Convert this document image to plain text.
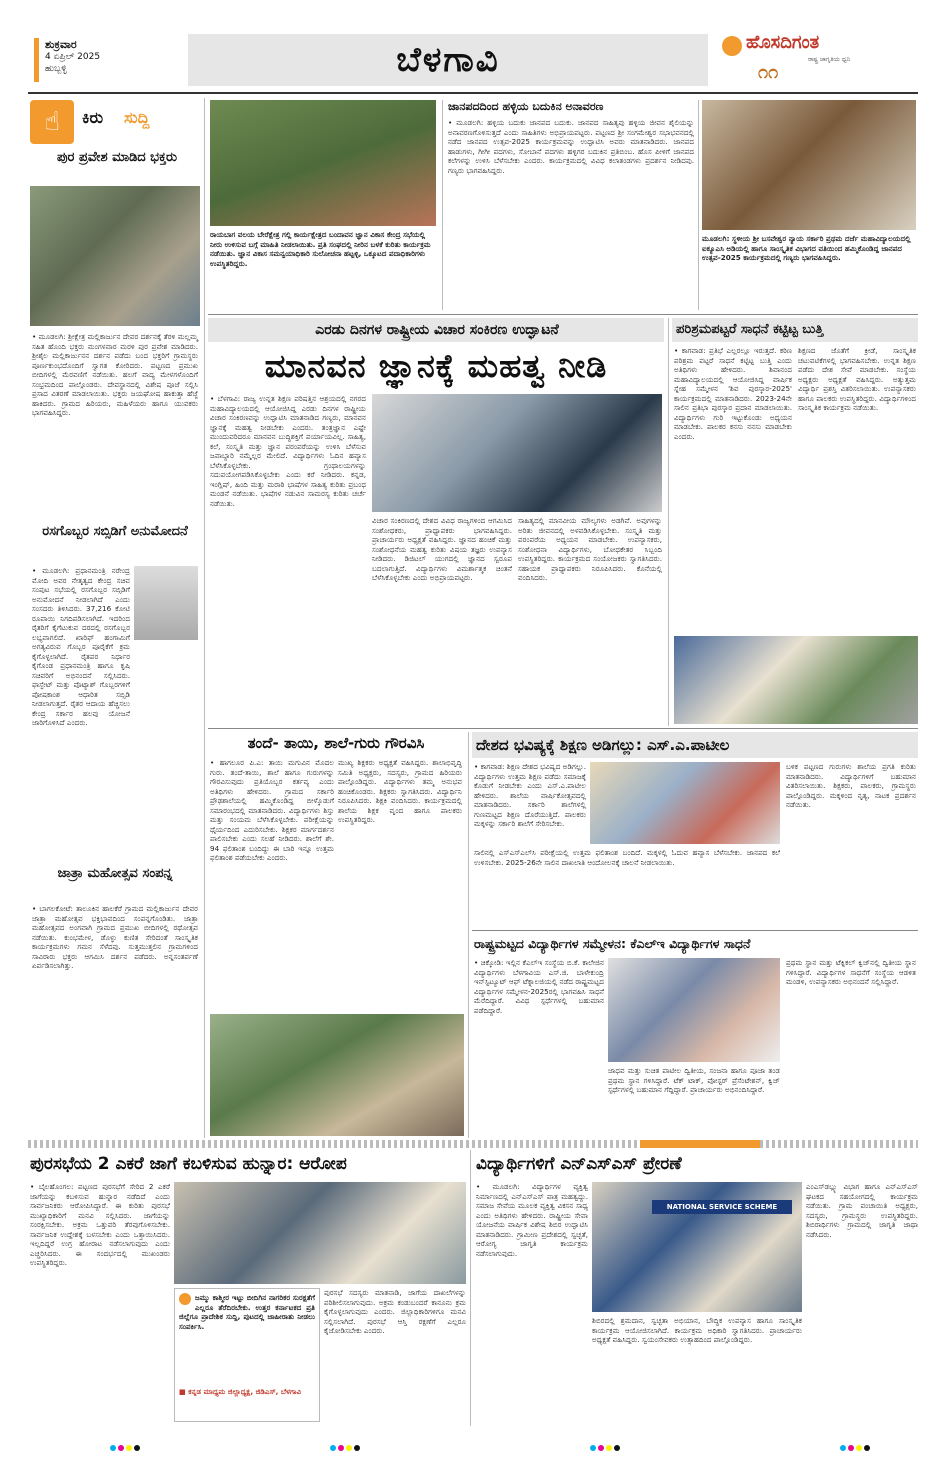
ಶುಕ್ರವಾರ
4 ಏಪ್ರಿಲ್ 2025
ಹುಬ್ಬಳ್ಳಿ	ಬೆಳಗಾವಿ	ಹೊಸದಿಗಂತ
ರಾಷ್ಟ್ರ ಜಾಗೃತಿಯ ಧ್ವನಿ
೧೧
☝	ಕಿರು ಸುದ್ದಿ
ಪುರ ಪ್ರವೇಶ ಮಾಡಿದ ಭಕ್ತರು
• ಮೂಡಲಗಿ: ಶ್ರೀಕ್ಷೇತ್ರ ಮಲ್ಲಿಕಾರ್ಜುನ ದೇವರ ದರ್ಶನಕ್ಕೆ ತೆರಳಿ ಮಲ್ಲಮ್ಮ ಸಹಿತ ಹೊಂದಿ ಭಕ್ತರು ಮಂಗಳವಾರ ಮರಳಿ ಪುರ ಪ್ರವೇಶ ಮಾಡಿದರು. ಶ್ರೀಶೈಲ ಮಲ್ಲಿಕಾರ್ಜುನನ ದರ್ಶನ ಪಡೆದು ಬಂದ ಭಕ್ತರಿಗೆ ಗ್ರಾಮಸ್ಥರು ಪೂರ್ಣಕುಂಭದೊಂದಿಗೆ ಸ್ವಾಗತ ಕೋರಿದರು. ಪಟ್ಟಣದ ಪ್ರಮುಖ ಬೀದಿಗಳಲ್ಲಿ ಮೆರವಣಿಗೆ ನಡೆಯಿತು. ಹಲಗೆ ವಾದ್ಯ ಮೇಳಗಳೊಂದಿಗೆ ಸಂಭ್ರಮದಿಂದ ಪಾಲ್ಗೊಂಡರು. ದೇವಸ್ಥಾನದಲ್ಲಿ ವಿಶೇಷ ಪೂಜೆ ಸಲ್ಲಿಸಿ ಪ್ರಸಾದ ವಿತರಣೆ ಮಾಡಲಾಯಿತು. ಭಕ್ತರು ಜಯಘೋಷ ಹಾಕುತ್ತಾ ಹೆಜ್ಜೆ ಹಾಕಿದರು. ಗ್ರಾಮದ ಹಿರಿಯರು, ಮಹಿಳೆಯರು ಹಾಗೂ ಯುವಕರು ಭಾಗವಹಿಸಿದ್ದರು.
ರಸಗೊಬ್ಬರ ಸಬ್ಸಿಡಿಗೆ ಅನುಮೋದನೆ
• ಮೂಡಲಗಿ: ಪ್ರಧಾನಮಂತ್ರಿ ನರೇಂದ್ರ ಮೋದಿ ಅವರ ನೇತೃತ್ವದ ಕೇಂದ್ರ ಸಚಿವ ಸಂಪುಟ ಸಭೆಯಲ್ಲಿ ರಸಗೊಬ್ಬರ ಸಬ್ಸಿಡಿಗೆ ಅನುಮೋದನೆ ನೀಡಲಾಗಿದೆ ಎಂದು ಸಂಸದರು ತಿಳಿಸಿದರು. 37,216 ಕೋಟಿ ರೂಪಾಯಿ ನಿಗದಿಪಡಿಸಲಾಗಿದೆ. ಇದರಿಂದ ರೈತರಿಗೆ ಕೈಗೆಟುಕುವ ದರದಲ್ಲಿ ರಸಗೊಬ್ಬರ ಲಭ್ಯವಾಗಲಿದೆ. ಖಾರಿಫ್ ಹಂಗಾಮಿಗೆ ಅಗತ್ಯವಿರುವ ಗೊಬ್ಬರ ಪೂರೈಕೆಗೆ ಕ್ರಮ ಕೈಗೊಳ್ಳಲಾಗಿದೆ. ರೈತಪರ ನಿರ್ಧಾರ ಕೈಗೊಂಡ ಪ್ರಧಾನಮಂತ್ರಿ ಹಾಗೂ ಕೃಷಿ ಸಚಿವರಿಗೆ ಅಭಿನಂದನೆ ಸಲ್ಲಿಸಿದರು. ಫಾಸ್ಫೇಟ್ ಮತ್ತು ಪೊಟ್ಯಾಶ್ ಗೊಬ್ಬರಗಳಿಗೆ ಪೋಷಕಾಂಶ ಆಧಾರಿತ ಸಬ್ಸಿಡಿ ನೀಡಲಾಗುತ್ತದೆ. ರೈತರ ಆದಾಯ ಹೆಚ್ಚಿಸಲು ಕೇಂದ್ರ ಸರ್ಕಾರ ಹಲವು ಯೋಜನೆ ಜಾರಿಗೊಳಿಸಿದೆ ಎಂದರು.
ಜಾತ್ರಾ ಮಹೋತ್ಸವ ಸಂಪನ್ನ
• ಬಾಗಲಕೋಟೆ: ತಾಲೂಕಿನ ಹಾಲಕೆರೆ ಗ್ರಾಮದ ಮಲ್ಲಿಕಾರ್ಜುನ ದೇವರ ಜಾತ್ರಾ ಮಹೋತ್ಸವ ಭಕ್ತಿಭಾವದಿಂದ ಸಂಪನ್ನಗೊಂಡಿತು. ಜಾತ್ರಾ ಮಹೋತ್ಸವದ ಅಂಗವಾಗಿ ಗ್ರಾಮದ ಪ್ರಮುಖ ಬೀದಿಗಳಲ್ಲಿ ರಥೋತ್ಸವ ನಡೆಯಿತು. ಕುಂಭಮೇಳ, ಡೊಳ್ಳು ಕುಣಿತ ಸೇರಿದಂತೆ ಸಾಂಸ್ಕೃತಿಕ ಕಾರ್ಯಕ್ರಮಗಳು ಗಮನ ಸೆಳೆದವು. ಸುತ್ತಮುತ್ತಲಿನ ಗ್ರಾಮಗಳಿಂದ ಸಾವಿರಾರು ಭಕ್ತರು ಆಗಮಿಸಿ ದರ್ಶನ ಪಡೆದರು. ಅನ್ನಸಂತರ್ಪಣೆ ಏರ್ಪಡಿಸಲಾಗಿತ್ತು.
ರಾಯಬಾಗ ವಲಯ ಬೇರೆಕ್ಷೇತ್ರ ಗಲ್ಲಿ ಕಾರ್ಯಕ್ಷೇತ್ರದ ಬಂದಾವನ ಜ್ಞಾನ ವಿಕಾಸ ಕೇಂದ್ರ ಸಭೆಯಲ್ಲಿ ನೀರು ಉಳಿಸುವ ಬಗ್ಗೆ ಮಾಹಿತಿ ನೀಡಲಾಯಿತು. ಪ್ರತಿ ಸಂಘದಲ್ಲಿ ನೀರಿನ ಬಳಕೆ ಕುರಿತು ಕಾರ್ಯಕ್ರಮ ನಡೆಯಿತು. ಜ್ಞಾನ ವಿಕಾಸ ಸಮನ್ವಯಾಧಿಕಾರಿ ಸುಲೋಚನಾ ಹಟ್ಟಳ್ಳಿ, ಒಕ್ಕೂಟದ ಪದಾಧಿಕಾರಿಗಳು ಉಪಸ್ಥಿತರಿದ್ದರು.
ಜಾನಪದದಿಂದ ಹಳ್ಳಿಯ ಬದುಕಿನ ಅನಾವರಣ
• ಮೂಡಲಗಿ: ಹಳ್ಳಿಯ ಬದುಕು ಜಾನಪದ ಬದುಕು. ಜಾನಪದ ಸಾಹಿತ್ಯವು ಹಳ್ಳಿಯ ಜೀವನ ಶೈಲಿಯನ್ನು ಅನಾವರಣಗೊಳಿಸುತ್ತದೆ ಎಂದು ಸಾಹಿತಿಗಳು ಅಭಿಪ್ರಾಯಪಟ್ಟರು. ಪಟ್ಟಣದ ಶ್ರೀ ಸಂಗಮೇಶ್ವರ ಸಭಾಭವನದಲ್ಲಿ ನಡೆದ ಜಾನಪದ ಉತ್ಸವ-2025 ಕಾರ್ಯಕ್ರಮವನ್ನು ಉದ್ಘಾಟಿಸಿ ಅವರು ಮಾತನಾಡಿದರು. ಜಾನಪದ ಹಾಡುಗಳು, ಗೀಗೀ ಪದಗಳು, ಸೋಬಾನೆ ಪದಗಳು ಹಳ್ಳಿಗರ ಬದುಕಿನ ಪ್ರತಿಬಿಂಬ. ಹೊಸ ಪೀಳಿಗೆ ಜಾನಪದ ಕಲೆಗಳನ್ನು ಉಳಿಸಿ ಬೆಳೆಸಬೇಕು ಎಂದರು. ಕಾರ್ಯಕ್ರಮದಲ್ಲಿ ವಿವಿಧ ಕಲಾತಂಡಗಳು ಪ್ರದರ್ಶನ ನೀಡಿದವು. ಗಣ್ಯರು ಭಾಗವಹಿಸಿದ್ದರು.
ಮೂಡಲಗಿ: ಸ್ಥಳೀಯ ಶ್ರೀ ಬಸವೇಶ್ವರ ನ್ಯಾಯ ಸರ್ಕಾರಿ ಪ್ರಥಮ ದರ್ಜೆ ಮಹಾವಿದ್ಯಾಲಯದಲ್ಲಿ ಐಕ್ಯೂಎಸಿ ಅಡಿಯಲ್ಲಿ ಹಾಗೂ ಸಾಂಸ್ಕೃತಿಕ ವಿಭಾಗದ ವತಿಯಿಂದ ಹಮ್ಮಿಕೊಂಡಿದ್ದ ಜಾನಪದ ಉತ್ಸವ-2025 ಕಾರ್ಯಕ್ರಮದಲ್ಲಿ ಗಣ್ಯರು ಭಾಗವಹಿಸಿದ್ದರು.
ಎರಡು ದಿನಗಳ ರಾಷ್ಟ್ರೀಯ ವಿಚಾರ ಸಂಕಿರಣ ಉದ್ಘಾಟನೆ
ಮಾನವನ ಜ್ಞಾನಕ್ಕೆ ಮಹತ್ವ ನೀಡಿ
• ಬೆಳಗಾವಿ: ರಾಜ್ಯ ಉನ್ನತ ಶಿಕ್ಷಣ ಪರಿಷತ್ತಿನ ಆಶ್ರಯದಲ್ಲಿ ನಗರದ ಮಹಾವಿದ್ಯಾಲಯದಲ್ಲಿ ಆಯೋಜಿಸಿದ್ದ ಎರಡು ದಿನಗಳ ರಾಷ್ಟ್ರೀಯ ವಿಚಾರ ಸಂಕಿರಣವನ್ನು ಉದ್ಘಾಟಿಸಿ ಮಾತನಾಡಿದ ಗಣ್ಯರು, ಮಾನವನ ಜ್ಞಾನಕ್ಕೆ ಮಹತ್ವ ನೀಡಬೇಕು ಎಂದರು. ತಂತ್ರಜ್ಞಾನ ಎಷ್ಟೇ ಮುಂದುವರಿದರೂ ಮಾನವನ ಬುದ್ಧಿಶಕ್ತಿಗೆ ಪರ್ಯಾಯವಿಲ್ಲ. ಸಾಹಿತ್ಯ, ಕಲೆ, ಸಂಸ್ಕೃತಿ ಮತ್ತು ಜ್ಞಾನ ಪರಂಪರೆಯನ್ನು ಉಳಿಸಿ ಬೆಳೆಸುವ ಜವಾಬ್ದಾರಿ ನಮ್ಮೆಲ್ಲರ ಮೇಲಿದೆ. ವಿದ್ಯಾರ್ಥಿಗಳು ಓದಿನ ಹವ್ಯಾಸ ಬೆಳೆಸಿಕೊಳ್ಳಬೇಕು. ಗ್ರಂಥಾಲಯಗಳನ್ನು ಸದುಪಯೋಗಪಡಿಸಿಕೊಳ್ಳಬೇಕು ಎಂದು ಕರೆ ನೀಡಿದರು. ಕನ್ನಡ, ಇಂಗ್ಲಿಷ್, ಹಿಂದಿ ಮತ್ತು ಮರಾಠಿ ಭಾಷೆಗಳ ಸಾಹಿತ್ಯ ಕುರಿತು ಪ್ರಬಂಧ ಮಂಡನೆ ನಡೆಯಿತು. ಭಾಷೆಗಳ ನಡುವಿನ ಸಾಮರಸ್ಯ ಕುರಿತು ಚರ್ಚೆ ನಡೆಯಿತು.
ವಿಚಾರ ಸಂಕಿರಣದಲ್ಲಿ ದೇಶದ ವಿವಿಧ ರಾಜ್ಯಗಳಿಂದ ಆಗಮಿಸಿದ ಸಂಶೋಧಕರು, ಪ್ರಾಧ್ಯಾಪಕರು ಭಾಗವಹಿಸಿದ್ದರು. ಪ್ರಾಚಾರ್ಯರು ಅಧ್ಯಕ್ಷತೆ ವಹಿಸಿದ್ದರು. ಜ್ಞಾನದ ಹಂಚಿಕೆ ಮತ್ತು ಸಂಶೋಧನೆಯ ಮಹತ್ವ ಕುರಿತು ವಿಷಯ ತಜ್ಞರು ಉಪನ್ಯಾಸ ನೀಡಿದರು. ಡಿಜಿಟಲ್ ಯುಗದಲ್ಲಿ ಜ್ಞಾನದ ಸ್ವರೂಪ ಬದಲಾಗುತ್ತಿದೆ. ವಿದ್ಯಾರ್ಥಿಗಳು ವಿಮರ್ಶಾತ್ಮಕ ಚಿಂತನೆ ಬೆಳೆಸಿಕೊಳ್ಳಬೇಕು ಎಂದು ಅಭಿಪ್ರಾಯಪಟ್ಟರು.
ಸಾಹಿತ್ಯದಲ್ಲಿ ಮಾನವೀಯ ಮೌಲ್ಯಗಳು ಅಡಗಿವೆ. ಅವುಗಳನ್ನು ಅರಿತು ಜೀವನದಲ್ಲಿ ಅಳವಡಿಸಿಕೊಳ್ಳಬೇಕು. ಸಂಸ್ಕೃತಿ ಮತ್ತು ಪರಂಪರೆಯ ಅಧ್ಯಯನ ಮಾಡಬೇಕು. ಉಪನ್ಯಾಸಕರು, ಸಂಶೋಧನಾ ವಿದ್ಯಾರ್ಥಿಗಳು, ಬೋಧಕೇತರ ಸಿಬ್ಬಂದಿ ಉಪಸ್ಥಿತರಿದ್ದರು. ಕಾರ್ಯಕ್ರಮದ ಸಂಯೋಜಕರು ಸ್ವಾಗತಿಸಿದರು. ಸಹಾಯಕ ಪ್ರಾಧ್ಯಾಪಕರು ನಿರೂಪಿಸಿದರು. ಕೊನೆಯಲ್ಲಿ ವಂದಿಸಿದರು.
ಪರಿಶ್ರಮಪಟ್ಟರೆ ಸಾಧನೆ ಕಟ್ಟಿಟ್ಟ ಬುತ್ತಿ
• ಕಾಗವಾಡ: ಪ್ರತಿಭೆ ಎಲ್ಲರಲ್ಲೂ ಇರುತ್ತದೆ. ಕಠಿಣ ಪರಿಶ್ರಮ ಪಟ್ಟರೆ ಸಾಧನೆ ಕಟ್ಟಿಟ್ಟ ಬುತ್ತಿ ಎಂದು ಅತಿಥಿಗಳು ಹೇಳಿದರು. ಶಿವಾನಂದ ಮಹಾವಿದ್ಯಾಲಯದಲ್ಲಿ ಆಯೋಜಿಸಿದ್ದ ವಾರ್ಷಿಕ ಸ್ನೇಹ ಸಮ್ಮೇಳನ 'ಶಿವ ಪುರಸ್ಕಾರ-2025' ಕಾರ್ಯಕ್ರಮದಲ್ಲಿ ಮಾತನಾಡಿದರು. 2023-24ನೇ ಸಾಲಿನ ಪ್ರತಿಭಾ ಪುರಸ್ಕಾರ ಪ್ರದಾನ ಮಾಡಲಾಯಿತು. ವಿದ್ಯಾರ್ಥಿಗಳು ಗುರಿ ಇಟ್ಟುಕೊಂಡು ಅಧ್ಯಯನ ಮಾಡಬೇಕು. ಪಾಲಕರ ಕನಸು ನನಸು ಮಾಡಬೇಕು ಎಂದರು.
ಶಿಕ್ಷಣದ ಜೊತೆಗೆ ಕ್ರೀಡೆ, ಸಾಂಸ್ಕೃತಿಕ ಚಟುವಟಿಕೆಗಳಲ್ಲಿ ಭಾಗವಹಿಸಬೇಕು. ಉನ್ನತ ಶಿಕ್ಷಣ ಪಡೆದು ದೇಶ ಸೇವೆ ಮಾಡಬೇಕು. ಸಂಸ್ಥೆಯ ಅಧ್ಯಕ್ಷರು ಅಧ್ಯಕ್ಷತೆ ವಹಿಸಿದ್ದರು. ಅತ್ಯುತ್ತಮ ವಿದ್ಯಾರ್ಥಿ ಪ್ರಶಸ್ತಿ ವಿತರಿಸಲಾಯಿತು. ಉಪನ್ಯಾಸಕರು ಹಾಗೂ ಪಾಲಕರು ಉಪಸ್ಥಿತರಿದ್ದರು. ವಿದ್ಯಾರ್ಥಿಗಳಿಂದ ಸಾಂಸ್ಕೃತಿಕ ಕಾರ್ಯಕ್ರಮ ನಡೆಯಿತು.
ತಂದೆ- ತಾಯಿ, ಶಾಲೆ-ಗುರು ಗೌರವಿಸಿ
• ಹಾಗಲೂರ ಪಿ.ಎ: ತಾಯಿ ಮಗುವಿನ ಮೊದಲ ಗುರು. ತಂದೆ-ತಾಯಿ, ಶಾಲೆ ಹಾಗೂ ಗುರುಗಳನ್ನು ಗೌರವಿಸುವುದು ಪ್ರತಿಯೊಬ್ಬರ ಕರ್ತವ್ಯ ಎಂದು ಅತಿಥಿಗಳು ಹೇಳಿದರು. ಗ್ರಾಮದ ಸರ್ಕಾರಿ ಪ್ರೌಢಶಾಲೆಯಲ್ಲಿ ಹಮ್ಮಿಕೊಂಡಿದ್ದ ಬೀಳ್ಕೊಡುಗೆ ಸಮಾರಂಭದಲ್ಲಿ ಮಾತನಾಡಿದರು. ವಿದ್ಯಾರ್ಥಿಗಳು ಶಿಸ್ತು ಮತ್ತು ಸಂಯಮ ಬೆಳೆಸಿಕೊಳ್ಳಬೇಕು. ಪರೀಕ್ಷೆಯನ್ನು ಧೈರ್ಯದಿಂದ ಎದುರಿಸಬೇಕು. ಶಿಕ್ಷಕರ ಮಾರ್ಗದರ್ಶನ ಪಾಲಿಸಬೇಕು ಎಂದು ಸಲಹೆ ನೀಡಿದರು. ಶಾಲೆಗೆ ಶೇ. 94 ಫಲಿತಾಂಶ ಬಂದಿದ್ದು ಈ ಬಾರಿ ಇನ್ನೂ ಉತ್ತಮ ಫಲಿತಾಂಶ ಪಡೆಯಬೇಕು ಎಂದರು.
ಮುಖ್ಯ ಶಿಕ್ಷಕರು ಅಧ್ಯಕ್ಷತೆ ವಹಿಸಿದ್ದರು. ಶಾಲಾಭಿವೃದ್ಧಿ ಸಮಿತಿ ಅಧ್ಯಕ್ಷರು, ಸದಸ್ಯರು, ಗ್ರಾಮದ ಹಿರಿಯರು ಪಾಲ್ಗೊಂಡಿದ್ದರು. ವಿದ್ಯಾರ್ಥಿಗಳು ತಮ್ಮ ಅನುಭವ ಹಂಚಿಕೊಂಡರು. ಶಿಕ್ಷಕರು ಸ್ವಾಗತಿಸಿದರು. ವಿದ್ಯಾರ್ಥಿನಿ ನಿರೂಪಿಸಿದರು. ಶಿಕ್ಷಕಿ ವಂದಿಸಿದರು. ಕಾರ್ಯಕ್ರಮದಲ್ಲಿ ಶಾಲೆಯ ಶಿಕ್ಷಕ ವೃಂದ ಹಾಗೂ ಪಾಲಕರು ಉಪಸ್ಥಿತರಿದ್ದರು.
ದೇಶದ ಭವಿಷ್ಯಕ್ಕೆ ಶಿಕ್ಷಣ ಅಡಿಗಲ್ಲು: ಎಸ್.ಎ.ಪಾಟೀಲ
• ಕಾಗವಾಡ: ಶಿಕ್ಷಣ ದೇಶದ ಭವಿಷ್ಯದ ಅಡಿಗಲ್ಲು. ವಿದ್ಯಾರ್ಥಿಗಳು ಉತ್ತಮ ಶಿಕ್ಷಣ ಪಡೆದು ಸಮಾಜಕ್ಕೆ ಕೊಡುಗೆ ನೀಡಬೇಕು ಎಂದು ಎಸ್.ಎ.ಪಾಟೀಲ ಹೇಳಿದರು. ಶಾಲೆಯ ವಾರ್ಷಿಕೋತ್ಸವದಲ್ಲಿ ಮಾತನಾಡಿದರು. ಸರ್ಕಾರಿ ಶಾಲೆಗಳಲ್ಲಿ ಗುಣಮಟ್ಟದ ಶಿಕ್ಷಣ ದೊರೆಯುತ್ತಿದೆ. ಪಾಲಕರು ಮಕ್ಕಳನ್ನು ಸರ್ಕಾರಿ ಶಾಲೆಗೆ ಸೇರಿಸಬೇಕು.
ಸಾಲಿನಲ್ಲಿ ಎಸ್ಎಸ್ಎಲ್‌ಸಿ ಪರೀಕ್ಷೆಯಲ್ಲಿ ಉತ್ತಮ ಫಲಿತಾಂಶ ಬಂದಿದೆ. ಮಕ್ಕಳಲ್ಲಿ ಓದುವ ಹವ್ಯಾಸ ಬೆಳೆಸಬೇಕು. ಜಾನಪದ ಕಲೆ ಉಳಿಸಬೇಕು. 2025-26ನೇ ಸಾಲಿನ ದಾಖಲಾತಿ ಆಂದೋಲನಕ್ಕೆ ಚಾಲನೆ ನೀಡಲಾಯಿತು.
ಬಳಿಕ ಪಟ್ಟಣದ ಗುರುಗಳು ಶಾಲೆಯ ಪ್ರಗತಿ ಕುರಿತು ಮಾತನಾಡಿದರು. ವಿದ್ಯಾರ್ಥಿಗಳಿಗೆ ಬಹುಮಾನ ವಿತರಿಸಲಾಯಿತು. ಶಿಕ್ಷಕರು, ಪಾಲಕರು, ಗ್ರಾಮಸ್ಥರು ಪಾಲ್ಗೊಂಡಿದ್ದರು. ಮಕ್ಕಳಿಂದ ನೃತ್ಯ, ನಾಟಕ ಪ್ರದರ್ಶನ ನಡೆಯಿತು.
ರಾಷ್ಟ್ರಮಟ್ಟದ ವಿದ್ಯಾರ್ಥಿಗಳ ಸಮ್ಮೇಳನ: ಕೆಎಲ್‌ಇ ವಿದ್ಯಾರ್ಥಿಗಳ ಸಾಧನೆ
• ಚಿಕ್ಕೋಡಿ: ಇಲ್ಲಿನ ಕೆಎಲ್ಇ ಸಂಸ್ಥೆಯ ಬಿ.ಕೆ. ಕಾಲೇಜಿನ ವಿದ್ಯಾರ್ಥಿಗಳು ಬೆಳಗಾವಿಯ ಎಸ್.ಜಿ. ಬಾಳೇಕುಂದ್ರಿ ಇನ್‌ಸ್ಟಿಟ್ಯೂಟ್ ಆಫ್ ಟೆಕ್ನಾಲಜಿಯಲ್ಲಿ ನಡೆದ ರಾಷ್ಟ್ರಮಟ್ಟದ ವಿದ್ಯಾರ್ಥಿಗಳ ಸಮ್ಮೇಳನ-2025ರಲ್ಲಿ ಭಾಗವಹಿಸಿ ಸಾಧನೆ ಮೆರೆದಿದ್ದಾರೆ. ವಿವಿಧ ಸ್ಪರ್ಧೆಗಳಲ್ಲಿ ಬಹುಮಾನ ಪಡೆದಿದ್ದಾರೆ.
ಜಾಧವ ಮತ್ತು ಸುಚಿತ ಪಾಟೀಲ ದ್ವಿತೀಯ, ಸಂಜನಾ ಹಾಗೂ ಪೂಜಾ ತಂಡ ಪ್ರಥಮ ಸ್ಥಾನ ಗಳಿಸಿದ್ದಾರೆ. ಟೆಕ್ ಟಾಕ್, ಪೋಸ್ಟರ್ ಪ್ರೆಸೆಂಟೇಶನ್, ಕ್ವಿಜ್ ಸ್ಪರ್ಧೆಗಳಲ್ಲಿ ಬಹುಮಾನ ಗೆದ್ದಿದ್ದಾರೆ. ಪ್ರಾಚಾರ್ಯರು ಅಭಿನಂದಿಸಿದ್ದಾರೆ.
ಪ್ರಥಮ ಸ್ಥಾನ ಮತ್ತು ಟೆಕ್ನಿಕಲ್ ಕ್ವಿಜ್‌ನಲ್ಲಿ ದ್ವಿತೀಯ ಸ್ಥಾನ ಗಳಿಸಿದ್ದಾರೆ. ವಿದ್ಯಾರ್ಥಿಗಳ ಸಾಧನೆಗೆ ಸಂಸ್ಥೆಯ ಆಡಳಿತ ಮಂಡಳಿ, ಉಪನ್ಯಾಸಕರು ಅಭಿನಂದನೆ ಸಲ್ಲಿಸಿದ್ದಾರೆ.
ಪುರಸಭೆಯ 2 ಎಕರೆ ಜಾಗೆ ಕಬಳಿಸುವ ಹುನ್ನಾರ: ಆರೋಪ
• ಬೈಲಹೊಂಗಲ: ಪಟ್ಟಣದ ಪುರಸಭೆಗೆ ಸೇರಿದ 2 ಎಕರೆ ಜಾಗೆಯನ್ನು ಕಬಳಿಸುವ ಹುನ್ನಾರ ನಡೆದಿದೆ ಎಂದು ಸಾರ್ವಜನಿಕರು ಆರೋಪಿಸಿದ್ದಾರೆ. ಈ ಕುರಿತು ಪುರಸಭೆ ಮುಖ್ಯಾಧಿಕಾರಿಗೆ ಮನವಿ ಸಲ್ಲಿಸಿದರು. ಜಾಗೆಯನ್ನು ಸಂರಕ್ಷಿಸಬೇಕು. ಅಕ್ರಮ ಒತ್ತುವರಿ ತೆರವುಗೊಳಿಸಬೇಕು. ಸಾರ್ವಜನಿಕ ಉದ್ದೇಶಕ್ಕೆ ಬಳಸಬೇಕು ಎಂದು ಒತ್ತಾಯಿಸಿದರು. ಇಲ್ಲದಿದ್ದರೆ ಉಗ್ರ ಹೋರಾಟ ನಡೆಸಲಾಗುವುದು ಎಂದು ಎಚ್ಚರಿಸಿದರು. ಈ ಸಂದರ್ಭದಲ್ಲಿ ಮುಖಂಡರು ಉಪಸ್ಥಿತರಿದ್ದರು.
ಜಮ್ಮು ಕಾಶ್ಮೀರ ಇಟ್ಟು ಬೀದಿಗಿನ ನಾಗರಿಕರ ಸುರಕ್ಷತೆಗೆ ಎಲ್ಲರೂ ತೆರೆದಿರಬೇಕು. ಉತ್ತರ ಕರ್ನಾಟಕದ ಪ್ರತಿ ಜಿಲ್ಲೆಗೂ ಪ್ರಾದೇಶಿಕ ಸುದ್ದಿ, ಪುಟದಲ್ಲಿ ಜಾಹೀರಾತು ನೀಡಲು ಸಂಪರ್ಕಿಸಿ.
■ ಕನ್ನಡ ಮಾಧ್ಯಮ ಜಿಲ್ಲಾಧ್ಯಕ್ಷ, ಜಿಡಿಎಸ್, ಬೆಳಗಾವಿ
ಪುರಸಭೆ ಸದಸ್ಯರು ಮಾತನಾಡಿ, ಜಾಗೆಯ ದಾಖಲೆಗಳನ್ನು ಪರಿಶೀಲಿಸಲಾಗುವುದು. ಅಕ್ರಮ ಕಂಡುಬಂದರೆ ಕಾನೂನು ಕ್ರಮ ಕೈಗೊಳ್ಳಲಾಗುವುದು ಎಂದರು. ಜಿಲ್ಲಾಧಿಕಾರಿಗಳಿಗೂ ಮನವಿ ಸಲ್ಲಿಸಲಾಗಿದೆ. ಪುರಸಭೆ ಆಸ್ತಿ ರಕ್ಷಣೆಗೆ ಎಲ್ಲರೂ ಕೈಜೋಡಿಸಬೇಕು ಎಂದರು.
ವಿದ್ಯಾರ್ಥಿಗಳಿಗೆ ಎನ್‌ಎಸ್‌ಎಸ್ ಪ್ರೇರಣೆ
• ಮೂಡಲಗಿ: ವಿದ್ಯಾರ್ಥಿಗಳ ವ್ಯಕ್ತಿತ್ವ ನಿರ್ಮಾಣದಲ್ಲಿ ಎನ್‌ಎಸ್‌ಎಸ್ ಪಾತ್ರ ಮಹತ್ವದ್ದು. ಸಮಾಜ ಸೇವೆಯ ಮೂಲಕ ವ್ಯಕ್ತಿತ್ವ ವಿಕಸನ ಸಾಧ್ಯ ಎಂದು ಅತಿಥಿಗಳು ಹೇಳಿದರು. ರಾಷ್ಟ್ರೀಯ ಸೇವಾ ಯೋಜನೆಯ ವಾರ್ಷಿಕ ವಿಶೇಷ ಶಿಬಿರ ಉದ್ಘಾಟಿಸಿ ಮಾತನಾಡಿದರು. ಗ್ರಾಮೀಣ ಪ್ರದೇಶದಲ್ಲಿ ಸ್ವಚ್ಛತೆ, ಆರೋಗ್ಯ ಜಾಗೃತಿ ಕಾರ್ಯಕ್ರಮ ನಡೆಸಲಾಗುವುದು.
NATIONAL SERVICE SCHEME
ಶಿಬಿರದಲ್ಲಿ ಶ್ರಮದಾನ, ಸ್ವಚ್ಛತಾ ಅಭಿಯಾನ, ಬೌದ್ಧಿಕ ಉಪನ್ಯಾಸ ಹಾಗೂ ಸಾಂಸ್ಕೃತಿಕ ಕಾರ್ಯಕ್ರಮ ಆಯೋಜಿಸಲಾಗಿದೆ. ಕಾರ್ಯಕ್ರಮ ಅಧಿಕಾರಿ ಸ್ವಾಗತಿಸಿದರು. ಪ್ರಾಚಾರ್ಯರು ಅಧ್ಯಕ್ಷತೆ ವಹಿಸಿದ್ದರು. ಸ್ವಯಂಸೇವಕರು ಉತ್ಸಾಹದಿಂದ ಪಾಲ್ಗೊಂಡಿದ್ದರು.
ಎಂಎಸ್‌ಡಬ್ಲ್ಯು ವಿಭಾಗ ಹಾಗೂ ಎನ್‌ಎಸ್‌ಎಸ್ ಘಟಕದ ಸಹಯೋಗದಲ್ಲಿ ಕಾರ್ಯಕ್ರಮ ನಡೆಯಿತು. ಗ್ರಾಮ ಪಂಚಾಯಿತಿ ಅಧ್ಯಕ್ಷರು, ಸದಸ್ಯರು, ಗ್ರಾಮಸ್ಥರು ಉಪಸ್ಥಿತರಿದ್ದರು. ಶಿಬಿರಾರ್ಥಿಗಳು ಗ್ರಾಮದಲ್ಲಿ ಜಾಗೃತಿ ಜಾಥಾ ನಡೆಸಿದರು.
